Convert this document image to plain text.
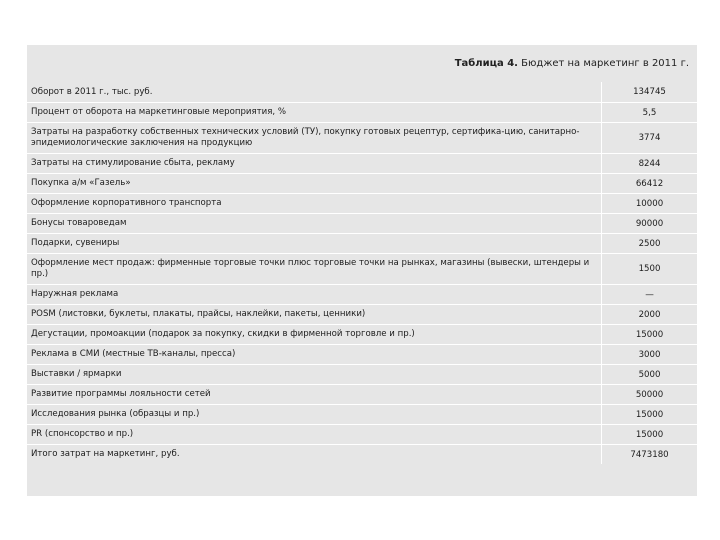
Таблица 4. Бюджет на маркетинг в 2011 г.
Оборот в 2011 г., тыс. руб.	134745
Процент от оборота на маркетинговые мероприятия, %	5,5
Затраты на разработку собственных технических условий (ТУ), покупку готовых рецептур, сертифика-цию, санитарно-эпидемиологические заключения на продукцию	3774
Затраты на стимулирование сбыта, рекламу	8244
Покупка а/м «Газель»	66412
Оформление корпоративного транспорта	10000
Бонусы товароведам	90000
Подарки, сувениры	2500
Оформление мест продаж: фирменные торговые точки плюс торговые точки на рынках, магазины (вывески, штендеры и пр.)	1500
Наружная реклама	—
POSM (листовки, буклеты, плакаты, прайсы, наклейки, пакеты, ценники)	2000
Дегустации, промоакции (подарок за покупку, скидки в фирменной торговле и пр.)	15000
Реклама в СМИ (местные ТВ-каналы, пресса)	3000
Выставки / ярмарки	5000
Развитие программы лояльности сетей	50000
Исследования рынка (образцы и пр.)	15000
PR (спонсорство и пр.)	15000
Итого затрат на маркетинг, руб.	7473180
